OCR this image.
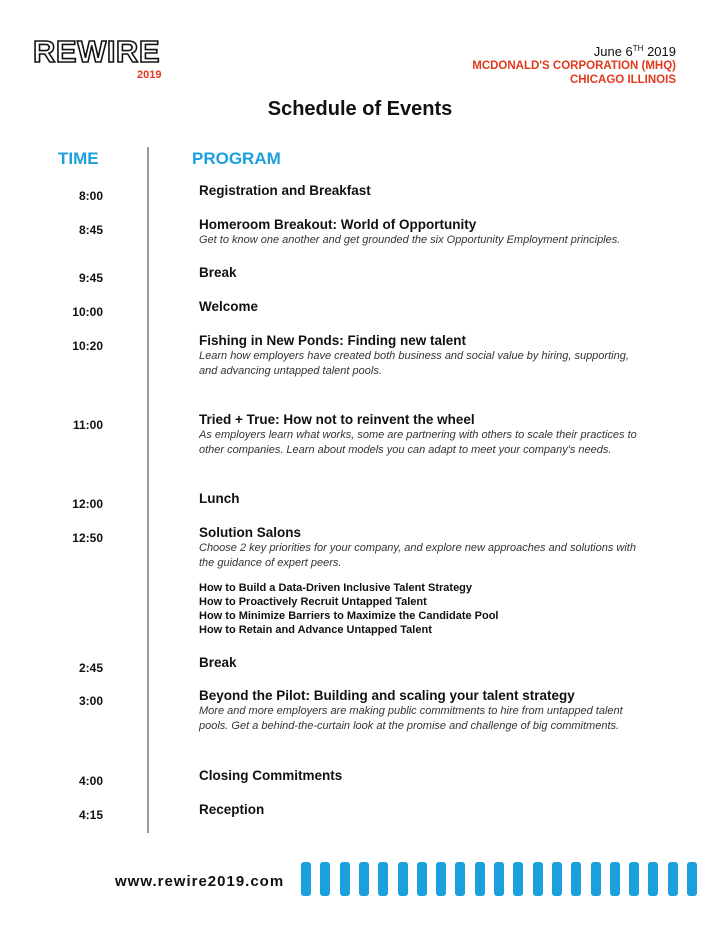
REWIRE
2019
June 6TH 2019
MCDONALD'S CORPORATION (MHQ)
CHICAGO ILLINOIS
Schedule of Events
TIME	PROGRAM
8:00	Registration and Breakfast
8:45	Homeroom Breakout: World of Opportunity
Get to know one another and get grounded the six Opportunity Employment principles.
9:45	Break
10:00	Welcome
10:20	Fishing in New Ponds: Finding new talent
Learn how employers have created both business and social value by hiring, supporting,
and advancing untapped talent pools.
11:00	Tried + True: How not to reinvent the wheel
As employers learn what works, some are partnering with others to scale their practices to
other companies. Learn about models you can adapt to meet your company's needs.
12:00	Lunch
12:50	Solution Salons
Choose 2 key priorities for your company, and explore new approaches and solutions with
the guidance of expert peers.
How to Build a Data-Driven Inclusive Talent Strategy
How to Proactively Recruit Untapped Talent
How to Minimize Barriers to Maximize the Candidate Pool
How to Retain and Advance Untapped Talent
2:45	Break
3:00	Beyond the Pilot: Building and scaling your talent strategy
More and more employers are making public commitments to hire from untapped talent
pools. Get a behind-the-curtain look at the promise and challenge of big commitments.
4:00	Closing Commitments
4:15	Reception
www.rewire2019.com
